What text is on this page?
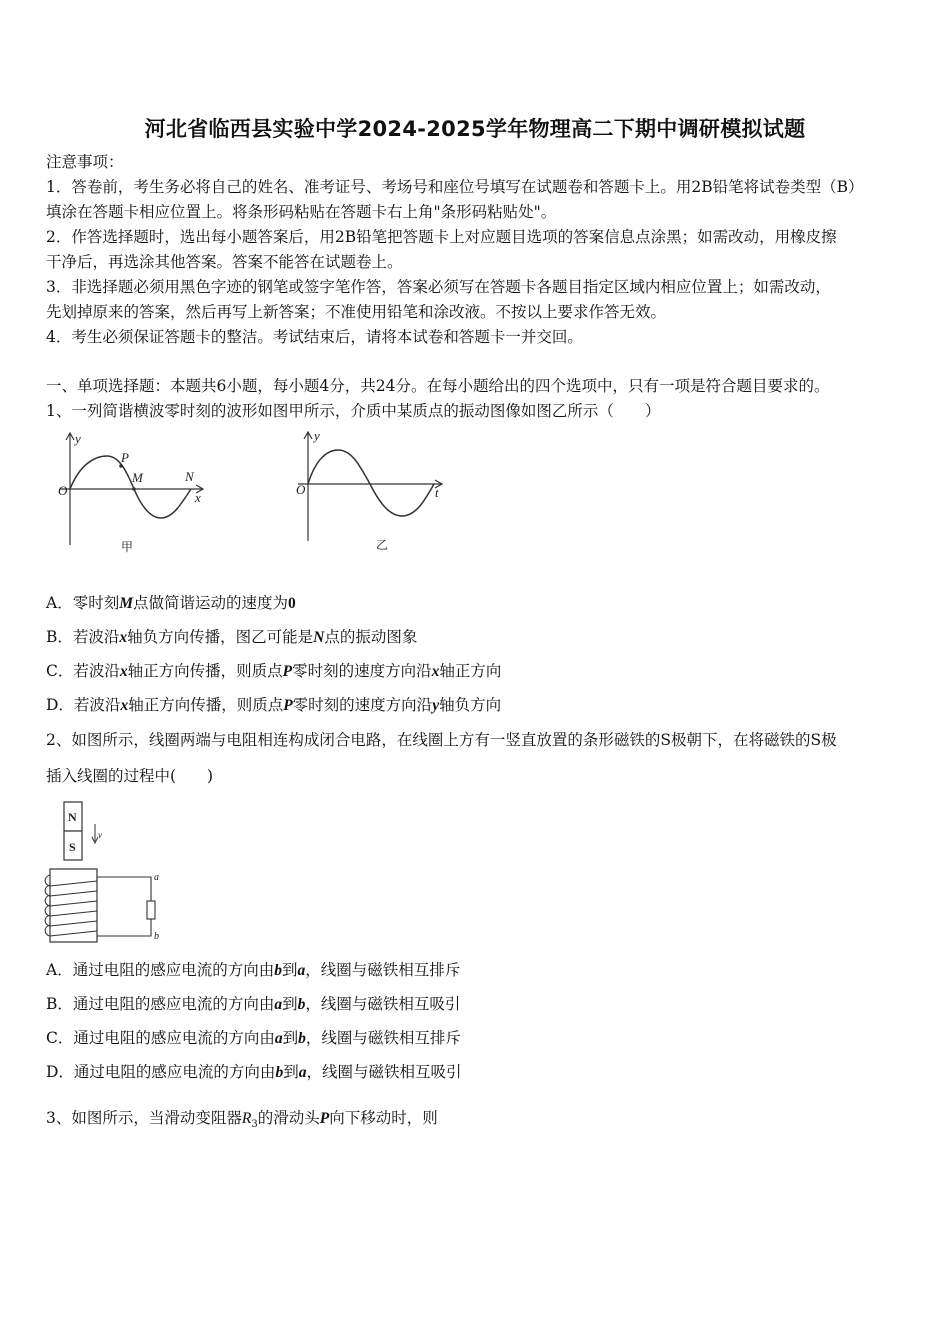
河北省临西县实验中学2024-2025学年物理高二下期中调研模拟试题
注意事项：
1．答卷前，考生务必将自己的姓名、准考证号、考场号和座位号填写在试题卷和答题卡上。用2B铅笔将试卷类型（B）
填涂在答题卡相应位置上。将条形码粘贴在答题卡右上角"条形码粘贴处"。
2．作答选择题时，选出每小题答案后，用2B铅笔把答题卡上对应题目选项的答案信息点涂黑；如需改动，用橡皮擦
干净后，再选涂其他答案。答案不能答在试题卷上。
3．非选择题必须用黑色字迹的钢笔或签字笔作答，答案必须写在答题卡各题目指定区域内相应位置上；如需改动，
先划掉原来的答案，然后再写上新答案；不准使用铅笔和涂改液。不按以上要求作答无效。
4．考生必须保证答题卡的整洁。考试结束后，请将本试卷和答题卡一并交回。
一、单项选择题：本题共6小题，每小题4分，共24分。在每小题给出的四个选项中，只有一项是符合题目要求的。
1、一列简谐横波零时刻的波形如图甲所示，介质中某质点的振动图像如图乙所示（　　）
y
O	x
P
M	N
甲
y
O	t
乙
A．零时刻M点做简谐运动的速度为0
B．若波沿x轴负方向传播，图乙可能是N点的振动图象
C．若波沿x轴正方向传播，则质点P零时刻的速度方向沿x轴正方向
D．若波沿x轴正方向传播，则质点P零时刻的速度方向沿y轴负方向
2、如图所示，线圈两端与电阻相连构成闭合电路，在线圈上方有一竖直放置的条形磁铁的S极朝下，在将磁铁的S极
插入线圈的过程中(　　)
N
S
v
a
b
A．通过电阻的感应电流的方向由b到a，线圈与磁铁相互排斥
B．通过电阻的感应电流的方向由a到b，线圈与磁铁相互吸引
C．通过电阻的感应电流的方向由a到b，线圈与磁铁相互排斥
D．通过电阻的感应电流的方向由b到a，线圈与磁铁相互吸引
3、如图所示，当滑动变阻器$R_3$的滑动头P向下移动时，则
